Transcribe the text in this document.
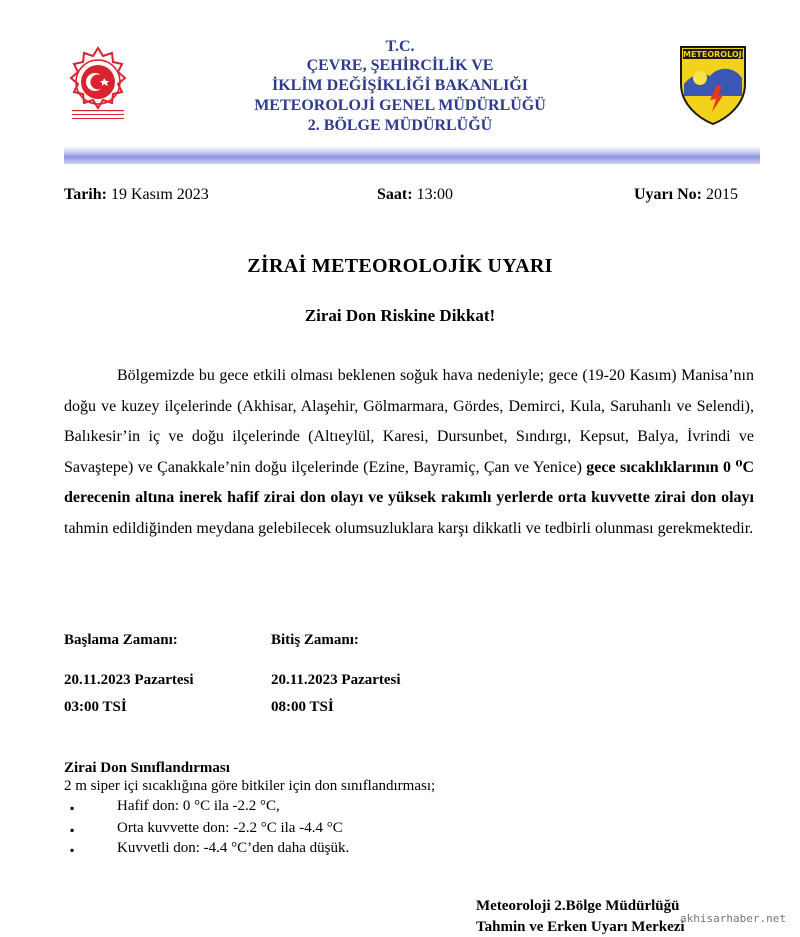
METEOROLOJi
T.C.
ÇEVRE, ŞEHİRCİLİK VE
İKLİM DEĞİŞİKLİĞİ BAKANLIĞI
METEOROLOJİ GENEL MÜDÜRLÜĞÜ
2. BÖLGE MÜDÜRLÜĞÜ
Tarih: 19 Kasım 2023	Saat: 13:00	Uyarı No: 2015
ZİRAİ METEOROLOJİK UYARI
Zirai Don Riskine Dikkat!
Bölgemizde bu gece etkili olması beklenen soğuk hava nedeniyle; gece (19-20 Kasım) Manisa’nın doğu ve kuzey ilçelerinde (Akhisar, Alaşehir, Gölmarmara, Gördes, Demirci, Kula, Saruhanlı ve Selendi), Balıkesir’in iç ve doğu ilçelerinde (Altıeylül, Karesi, Dursunbet, Sındırgı, Kepsut, Balya, İvrindi ve Savaştepe) ve Çanakkale’nin doğu ilçelerinde (Ezine, Bayramiç, Çan ve Yenice) gece sıcaklıklarının 0 ⁰C derecenin altına inerek hafif zirai don olayı ve yüksek rakımlı yerlerde orta kuvvette zirai don olayı tahmin edildiğinden meydana gelebilecek olumsuzluklara karşı dikkatli ve tedbirli olunması gerekmektedir.
Başlama Zamanı:	Bitiş Zamanı:
20.11.2023 Pazartesi	20.11.2023 Pazartesi
03:00 TSİ	08:00 TSİ
Zirai Don Sınıflandırması
2 m siper içi sıcaklığına göre bitkiler için don sınıflandırması;
▪	Hafif don: 0 °C ila -2.2 °C,
▪	Orta kuvvette don: -2.2 °C ila -4.4 °C
▪	Kuvvetli don: -4.4 °C’den daha düşük.
Meteoroloji 2.Bölge Müdürlüğü
Tahmin ve Erken Uyarı Merkezi
akhisarhaber.net
